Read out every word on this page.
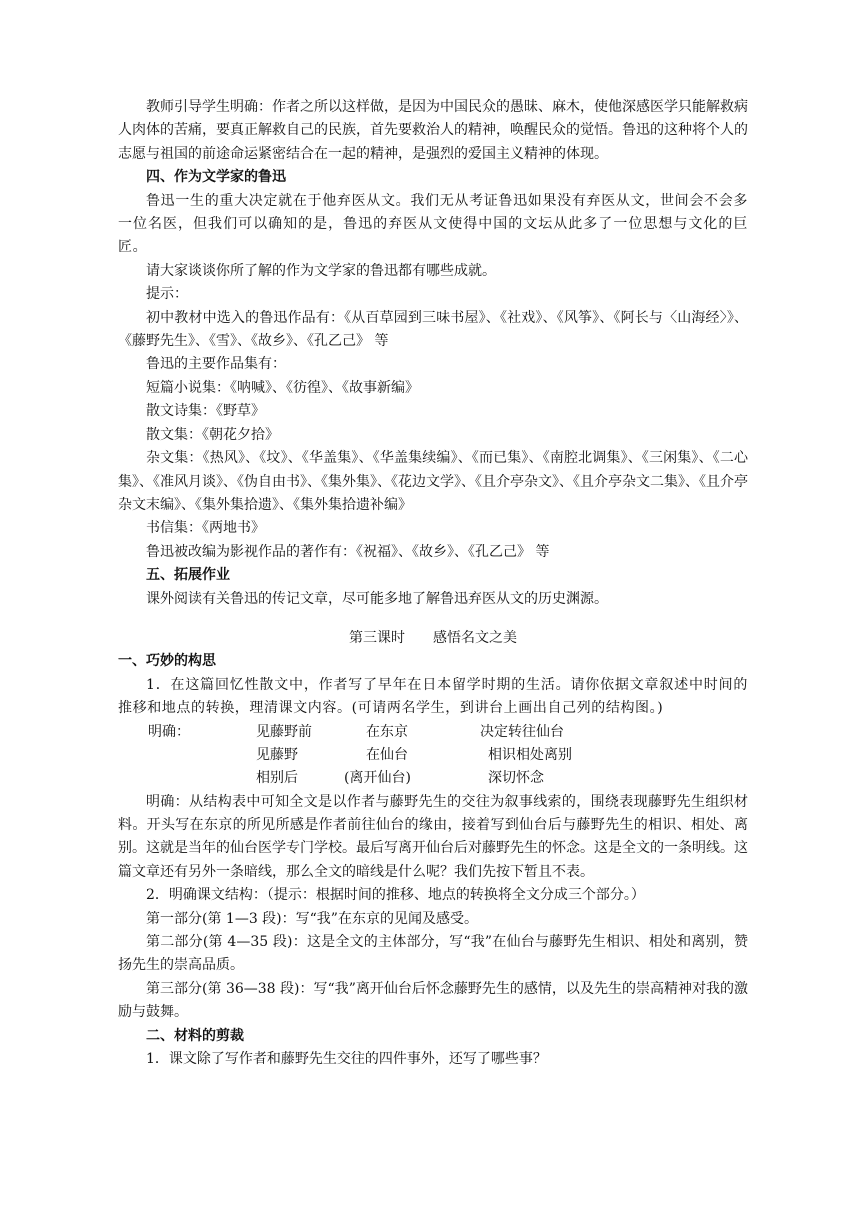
教师引导学生明确：作者之所以这样做，是因为中国民众的愚昧、麻木，使他深感医学只能解救病人肉体的苦痛，要真正解救自己的民族，首先要救治人的精神，唤醒民众的觉悟。鲁迅的这种将个人的志愿与祖国的前途命运紧密结合在一起的精神，是强烈的爱国主义精神的体现。

四、作为文学家的鲁迅

鲁迅一生的重大决定就在于他弃医从文。我们无从考证鲁迅如果没有弃医从文，世间会不会多一位名医，但我们可以确知的是，鲁迅的弃医从文使得中国的文坛从此多了一位思想与文化的巨匠。

请大家谈谈你所了解的作为文学家的鲁迅都有哪些成就。

提示：

初中教材中选入的鲁迅作品有：《从百草园到三味书屋》、《社戏》、《风筝》、《阿长与〈山海经〉》、《藤野先生》、《雪》、《故乡》、《孔乙己》 等

鲁迅的主要作品集有：

短篇小说集：《呐喊》、《彷徨》、《故事新编》

散文诗集：《野草》

散文集：《朝花夕拾》

杂文集：《热风》、《坟》、《华盖集》、《华盖集续编》、《而已集》、《南腔北调集》、《三闲集》、《二心集》、《准风月谈》、《伪自由书》、《集外集》、《花边文学》、《且介亭杂文》、《且介亭杂文二集》、《且介亭杂文末编》、《集外集拾遗》、《集外集拾遗补编》

书信集：《两地书》

鲁迅被改编为影视作品的著作有：《祝福》、《故乡》、《孔乙己》 等

五、拓展作业

课外阅读有关鲁迅的传记文章，尽可能多地了解鲁迅弃医从文的历史渊源。

第三课时　　感悟名文之美

一、巧妙的构思

1．在这篇回忆性散文中，作者写了早年在日本留学时期的生活。请你依据文章叙述中时间的推移和地点的转换，理清课文内容。(可请两名学生，到讲台上画出自己列的结构图。)

明确：	见藤野前	在东京	决定转往仙台
见藤野	在仙台	相识相处离别
相别后	(离开仙台)	深切怀念

明确：从结构表中可知全文是以作者与藤野先生的交往为叙事线索的，围绕表现藤野先生组织材料。开头写在东京的所见所感是作者前往仙台的缘由，接着写到仙台后与藤野先生的相识、相处、离别。这就是当年的仙台医学专门学校。最后写离开仙台后对藤野先生的怀念。这是全文的一条明线。这篇文章还有另外一条暗线，那么全文的暗线是什么呢？我们先按下暂且不表。

2．明确课文结构：（提示：根据时间的推移、地点的转换将全文分成三个部分。）

第一部分(第 1—3 段)：写“我”在东京的见闻及感受。

第二部分(第 4—35 段)：这是全文的主体部分，写“我”在仙台与藤野先生相识、相处和离别，赞扬先生的崇高品质。

第三部分(第 36—38 段)：写“我”离开仙台后怀念藤野先生的感情，以及先生的崇高精神对我的激励与鼓舞。

二、材料的剪裁

1．课文除了写作者和藤野先生交往的四件事外，还写了哪些事？
